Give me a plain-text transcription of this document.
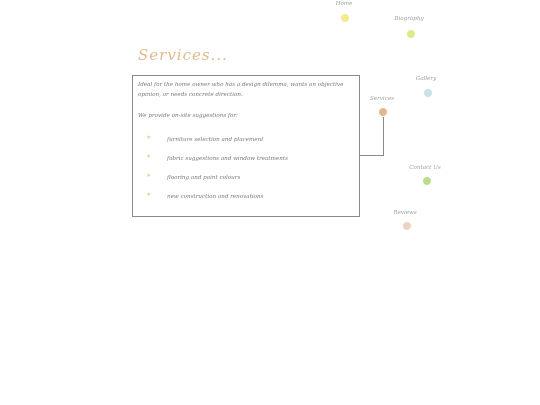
Services...
Ideal for the home owner who has a design dilemma, wants an objective opinion, or needs concrete direction.
We provide on-site suggestions for:
*	furniture selection and placement
*	fabric suggestions and window treatments
*	flooring and paint colours
*	new construction and renovations
Home
Biography
Gallery
Services
Contact Us
Reviews
